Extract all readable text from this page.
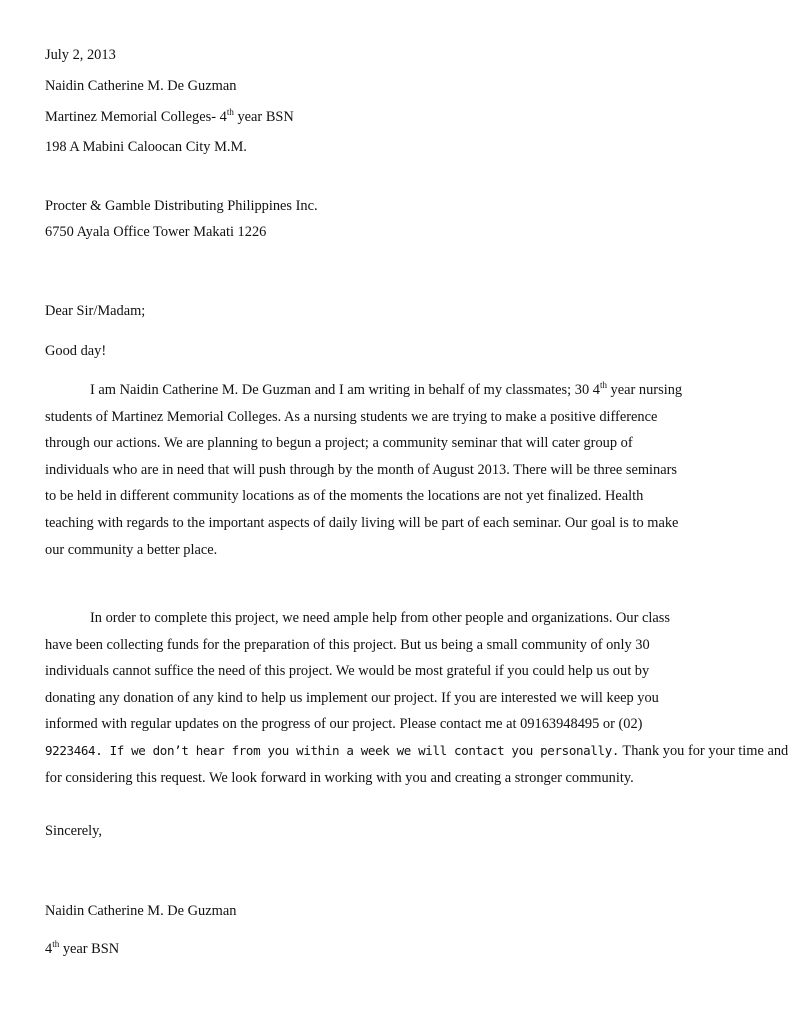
July 2, 2013
Naidin Catherine M. De Guzman
Martinez Memorial Colleges- 4th year BSN
198 A Mabini Caloocan City M.M.
Procter & Gamble Distributing Philippines Inc.
6750 Ayala Office Tower Makati 1226
Dear Sir/Madam;
Good day!
I am Naidin Catherine M. De Guzman and I am writing in behalf of my classmates; 30 4th year nursing
students of Martinez Memorial Colleges. As a nursing students we are trying to make a positive difference
through our actions. We are planning to begun a project; a community seminar that will cater group of
individuals who are in need that will push through by the month of August 2013. There will be three seminars
to be held in different community locations as of the moments the locations are not yet finalized. Health
teaching with regards to the important aspects of daily living will be part of each seminar. Our goal is to make
our community a better place.
In order to complete this project, we need ample help from other people and organizations. Our class
have been collecting funds for the preparation of this project. But us being a small community of only 30
individuals cannot suffice the need of this project. We would be most grateful if you could help us out by
donating any donation of any kind to help us implement our project. If you are interested we will keep you
informed with regular updates on the progress of our project. Please contact me at 09163948495 or (02)
9223464. If we don’t hear from you within a week we will contact you personally. Thank you for your time and
for considering this request. We look forward in working with you and creating a stronger community.
Sincerely,
Naidin Catherine M. De Guzman
4th year BSN
